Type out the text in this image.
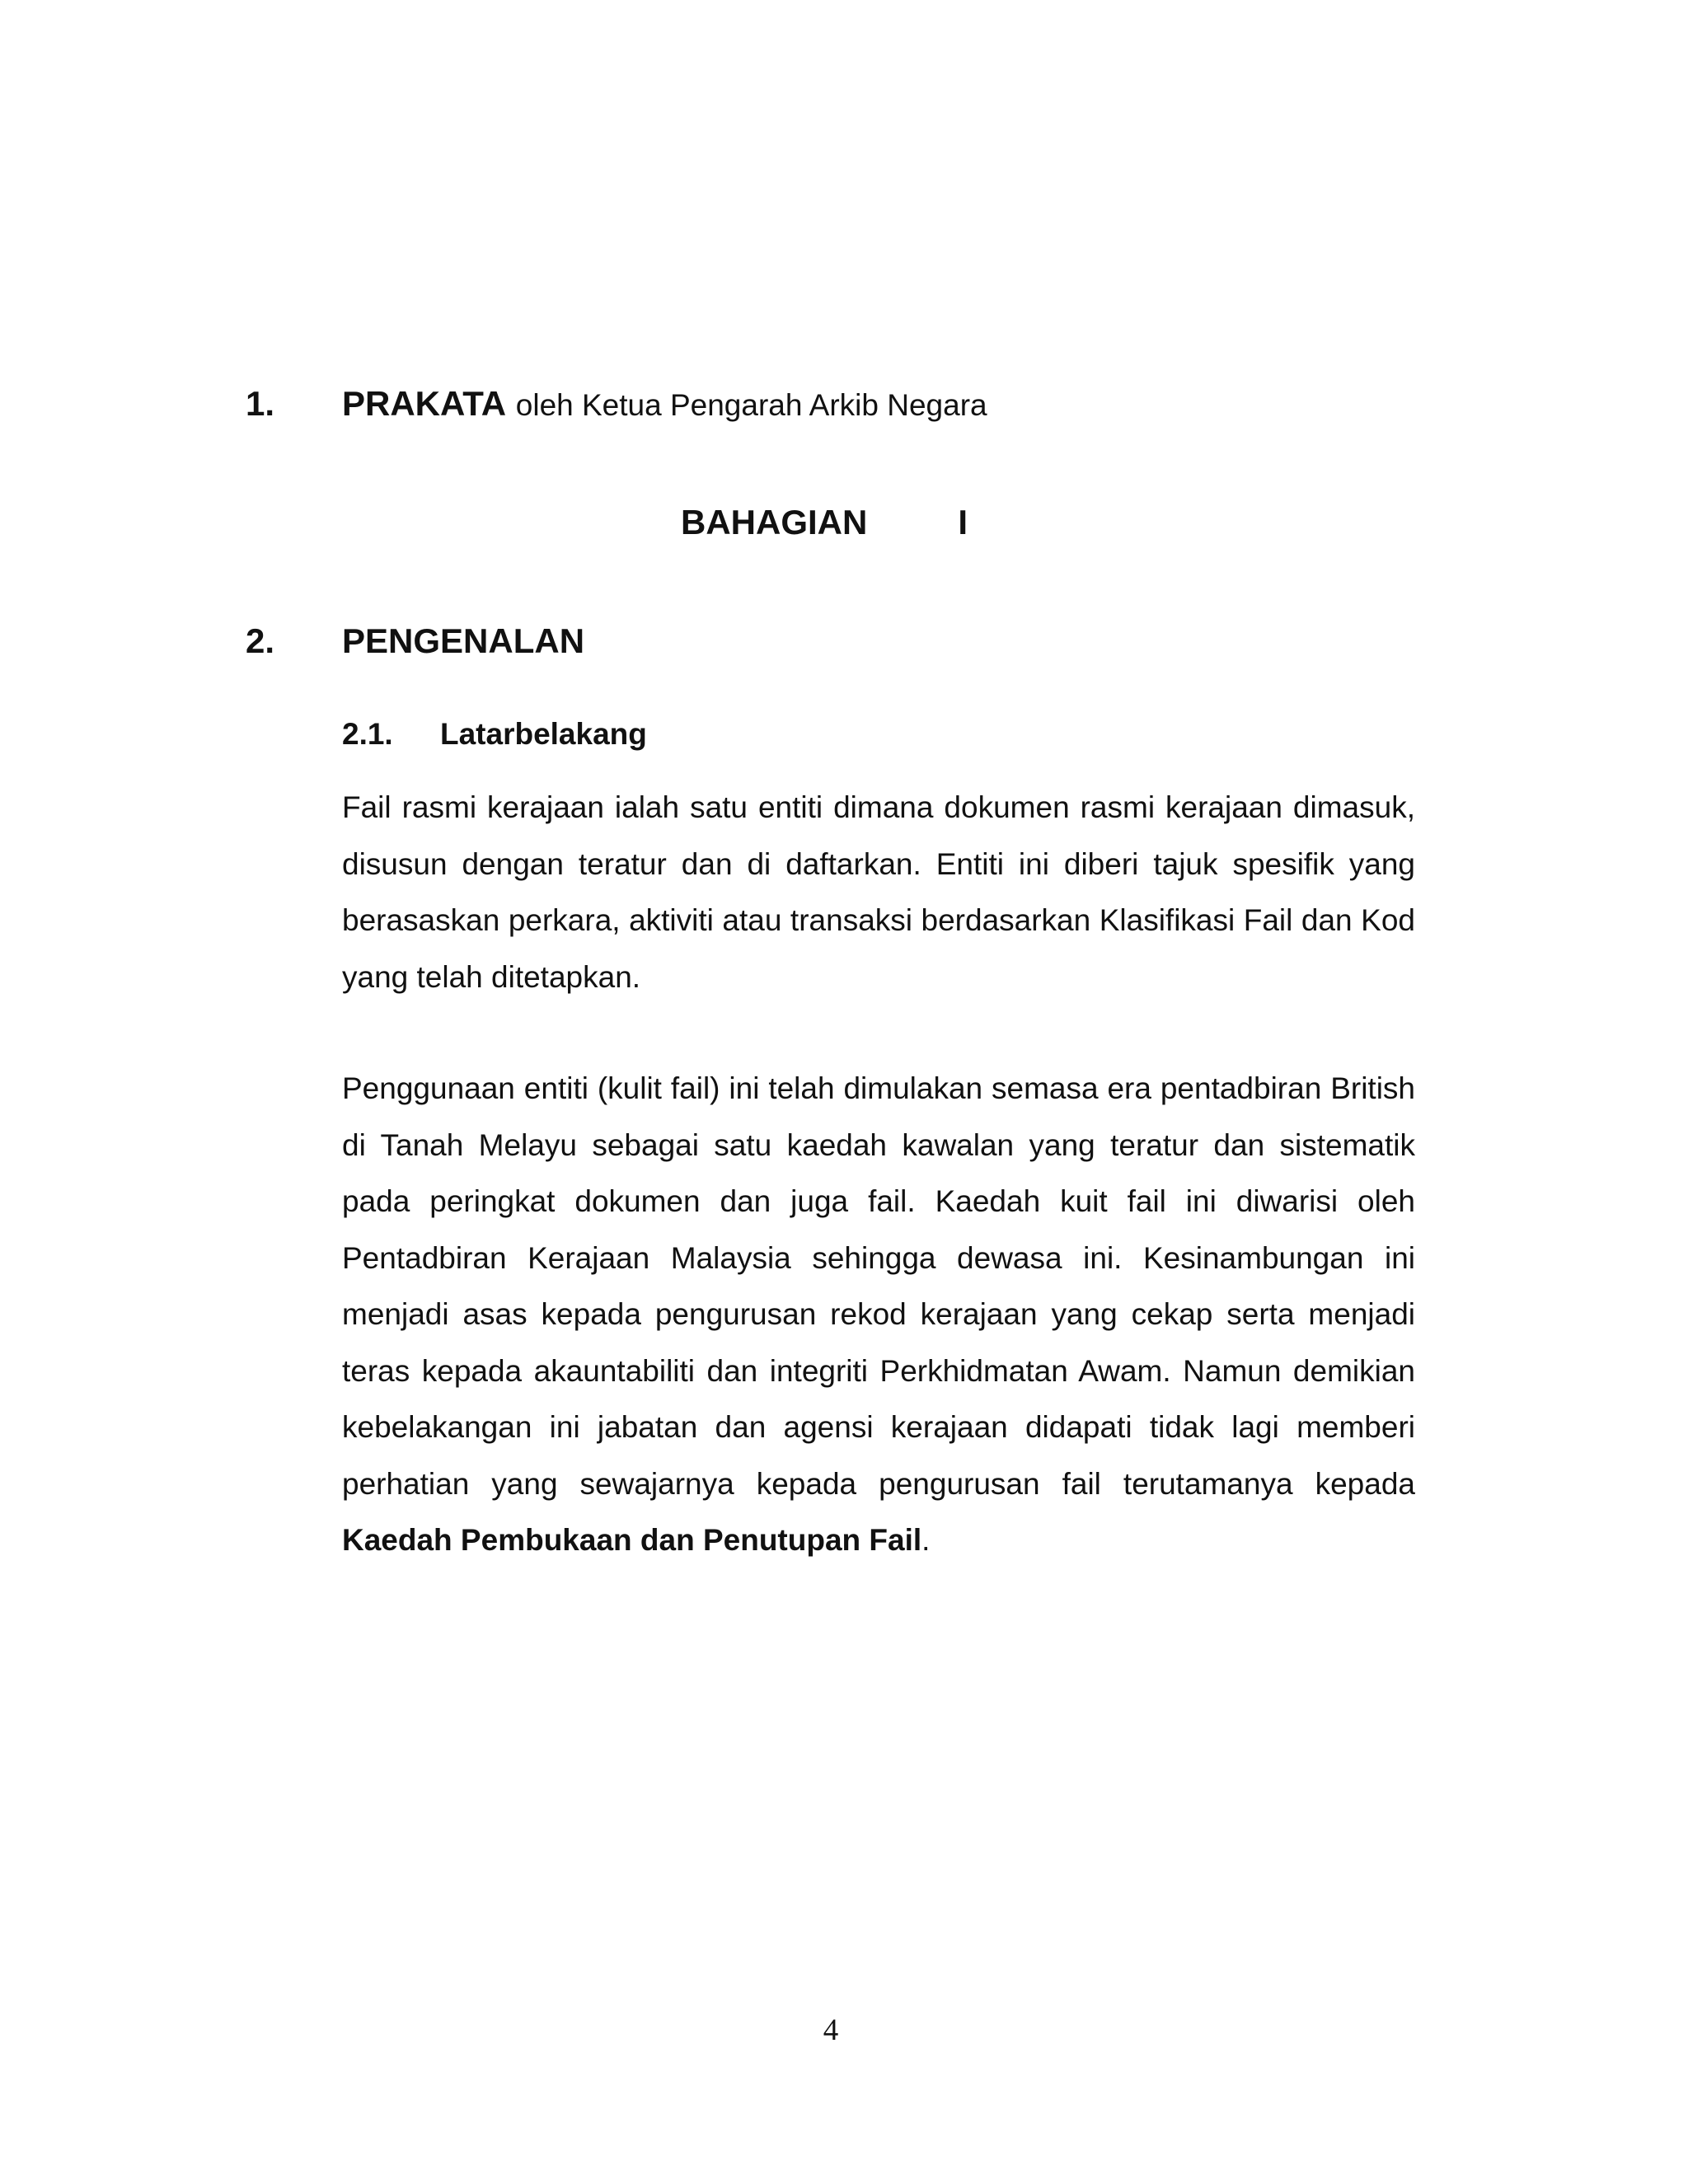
1. PRAKATA oleh Ketua Pengarah Arkib Negara
BAHAGIAN	I
2. PENGENALAN
2.1. Latarbelakang
Fail rasmi kerajaan ialah satu entiti dimana dokumen rasmi kerajaan dimasuk, disusun dengan teratur dan di daftarkan. Entiti ini diberi tajuk spesifik yang berasaskan perkara, aktiviti atau transaksi berdasarkan Klasifikasi Fail dan Kod yang telah ditetapkan.
Penggunaan entiti (kulit fail) ini telah dimulakan semasa era pentadbiran British di Tanah Melayu sebagai satu kaedah kawalan yang teratur dan sistematik pada peringkat dokumen dan juga fail. Kaedah kuit fail ini diwarisi oleh Pentadbiran Kerajaan Malaysia sehingga dewasa ini. Kesinambungan ini menjadi asas kepada pengurusan rekod kerajaan yang cekap serta menjadi teras kepada akauntabiliti dan integriti Perkhidmatan Awam. Namun demikian kebelakangan ini jabatan dan agensi kerajaan didapati tidak lagi memberi perhatian yang sewajarnya kepada pengurusan fail terutamanya kepada Kaedah Pembukaan dan Penutupan Fail.
4
